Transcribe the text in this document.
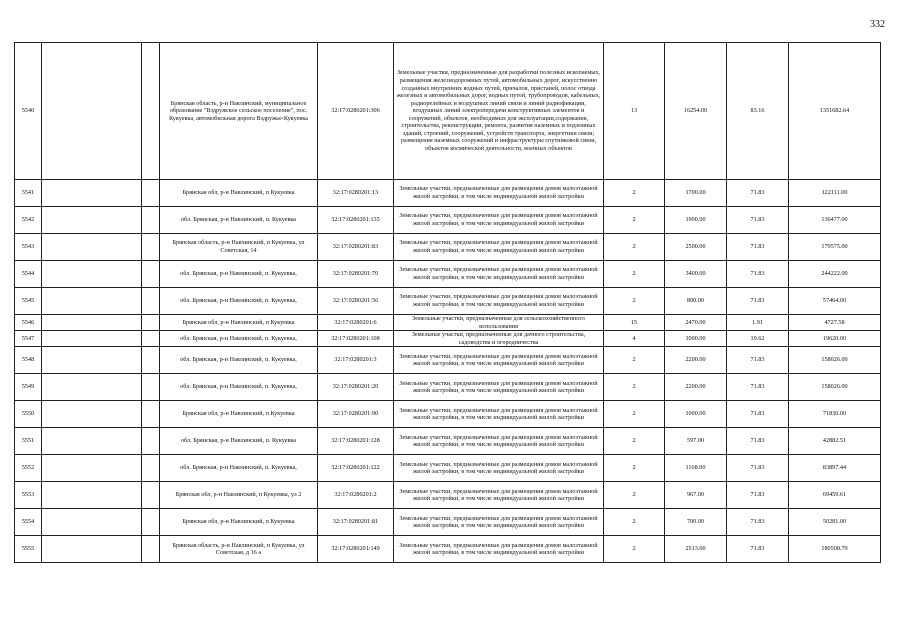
332
5540			Брянская область, р-н Навлинский, муниципальное образование "Вздружское сельское поселение", пос. Кукуевка, автомобильная дорога Вздружье-Кукуевка	32:17:0280201:306	Земельные участки, предназначенные для разработки полезных ископаемых, размещения железнодорожных путей, автомобильных дорог, искусственно созданных внутренних водных путей, причалов, пристаней, полос отвода железных и автомобильных дорог, водных путей, трубопроводов, кабельных, радиорелейных и воздушных линий связи и линий радиофикации, воздушных линий электропередачи конструктивных элементов и сооружений, объектов, необходимых для эксплуатации,содержания, строительства, реконструкции, ремонта, развития наземных и подземных зданий, строений, сооружений, устройств транспорта, энергетики связи; размещения наземных сооружений и инфраструктуры спутниковой связи, объектов космической деятельности, военных объектов	13	16254.00	83.16	1351682.64
5541			Брянская обл, р-н Навлинский, п Кукуевка	32:17:0280201:13	Земельные участки, предназначенные для размещения домов малоэтажной жилой застройки, в том числе индивидуальной жилой застройки	2	1700.00	71.83	122111.00
5542			обл. Брянская, р-н Навлинский, п. Кукуевка	32:17:0280201:135	Земельные участки, предназначенные для размещения домов малоэтажной жилой застройки, в том числе индивидуальной жилой застройки	2	1900.00	71.83	136477.00
5543			Брянская область, р-н Навлинский, п Кукуевка, ул Советская, 14	32:17:0280201:83	Земельные участки, предназначенные для размещения домов малоэтажной жилой застройки, в том числе индивидуальной жилой застройки	2	2500.00	71.83	179575.00
5544			обл. Брянская, р-н Навлинский, п. Кукуевка,	32:17:0280201:70	Земельные участки, предназначенные для размещения домов малоэтажной жилой застройки, в том числе индивидуальной жилой застройки	2	3400.00	71.83	244222.00
5545			обл. Брянская, р-н Навлинский, п. Кукуевка,	32:17:0280201:56	Земельные участки, предназначенные для размещения домов малоэтажной жилой застройки, в том числе индивидуальной жилой застройки	2	800.00	71.83	57464.00
5546			Брянская обл, р-н Навлинский, п Кукуевка	32:17:0280201:6	Земельные участки, предназначенные для сельскохозяйственного использования	15	2470.00	1.91	4727.58
5547			обл. Брянская, р-н Навлинский, п. Кукуевка,	32:17:0280201:108	Земельные участки, предназначенные для дачного строительства, садоводства и огородничества	4	1000.00	19.62	19620.00
5548			обл. Брянская, р-н Навлинский, п. Кукуевка,	32:17:0280201:3	Земельные участки, предназначенные для размещения домов малоэтажной жилой застройки, в том числе индивидуальной жилой застройки	2	2200.00	71.83	158026.00
5549			обл. Брянская, р-н Навлинский, п. Кукуевка,	32:17:0280201:20	Земельные участки, предназначенные для размещения домов малоэтажной жилой застройки, в том числе индивидуальной жилой застройки	2	2200.00	71.83	158026.00
5550			Брянская обл, р-н Навлинский, п Кукуевка	32:17:0280201:90	Земельные участки, предназначенные для размещения домов малоэтажной жилой застройки, в том числе индивидуальной жилой застройки	2	1000.00	71.83	71830.00
5551			обл. Брянская, р-н Навлинский, п. Кукуевка	32:17:0280201:128	Земельные участки, предназначенные для размещения домов малоэтажной жилой застройки, в том числе индивидуальной жилой застройки	2	597.00	71.83	42882.51
5552			обл. Брянская, р-н Навлинский, п. Кукуевка,	32:17:0280201:122	Земельные участки, предназначенные для размещения домов малоэтажной жилой застройки, в том числе индивидуальной жилой застройки	2	1168.00	71.83	83897.44
5553			Брянская обл, р-н Навлинский, п Кукуевка, ул 2	32:17:0280201:2	Земельные участки, предназначенные для размещения домов малоэтажной жилой застройки, в том числе индивидуальной жилой застройки	2	967.00	71.83	69459.61
5554			Брянская обл, р-н Навлинский, п Кукуевка	32:17:0280201:81	Земельные участки, предназначенные для размещения домов малоэтажной жилой застройки, в том числе индивидуальной жилой застройки	2	700.00	71.83	50281.00
5555			Брянская область, р-н Навлинский, п Кукуевка, ул Советская, д 16 а	32:17:0280201:149	Земельные участки, предназначенные для размещения домов малоэтажной жилой застройки, в том числе индивидуальной жилой застройки	2	2513.00	71.83	180508.79
